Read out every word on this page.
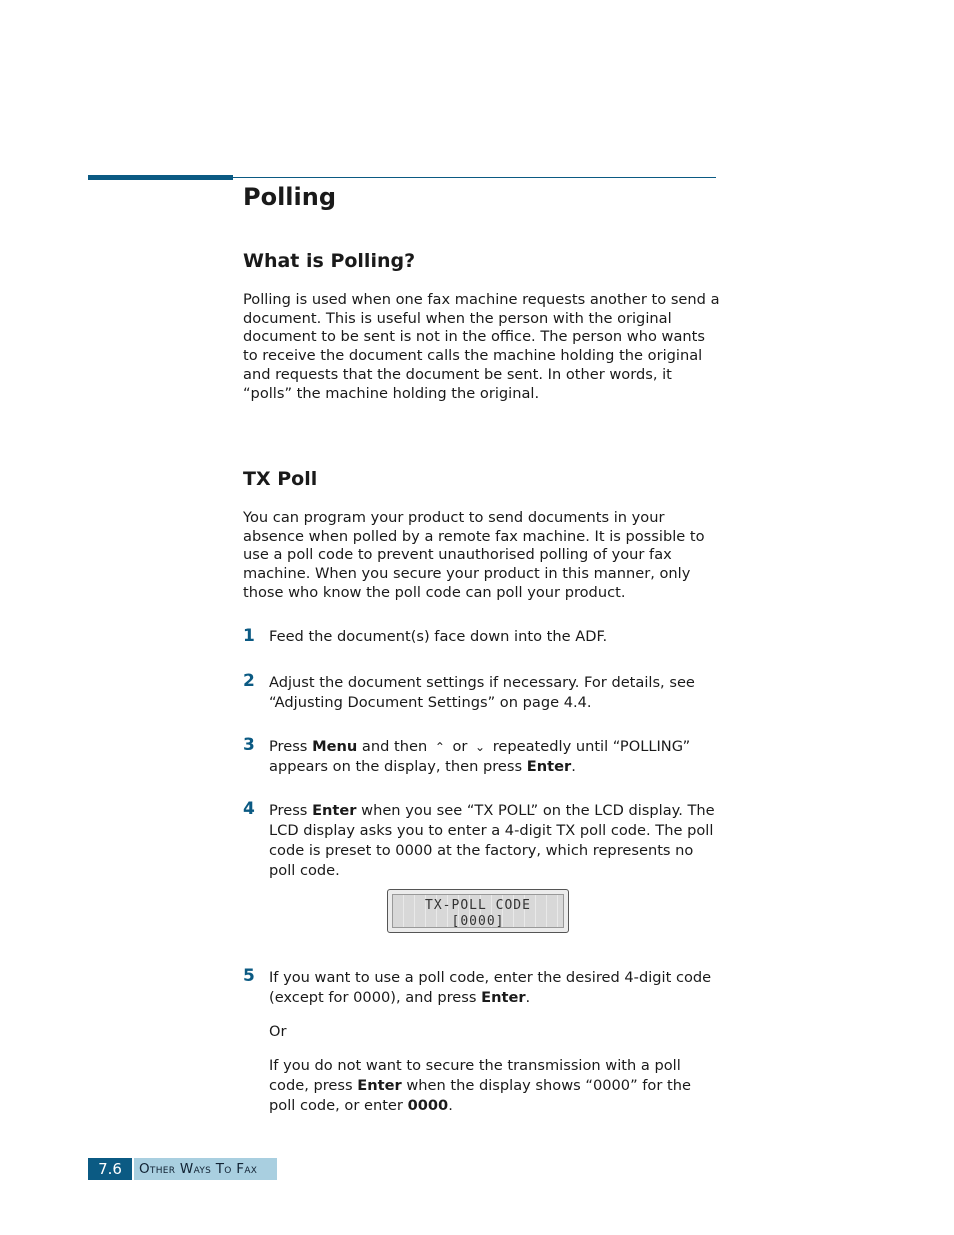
Polling
What is Polling?

Polling is used when one fax machine requests another to send a document. This is useful when the person with the original document to be sent is not in the office. The person who wants to receive the document calls the machine holding the original and requests that the document be sent. In other words, it “polls” the machine holding the original.

TX Poll

You can program your product to send documents in your absence when polled by a remote fax machine. It is possible to use a poll code to prevent unauthorised polling of your fax machine. When you secure your product in this manner, only those who know the poll code can poll your product.

1 Feed the document(s) face down into the ADF.
2 Adjust the document settings if necessary. For details, see “Adjusting Document Settings” on page 4.4.
3 Press Menu and then ⌃ or ⌄ repeatedly until “POLLING” appears on the display, then press Enter.
4 Press Enter when you see “TX POLL” on the LCD display. The LCD display asks you to enter a 4-digit TX poll code. The poll code is preset to 0000 at the factory, which represents no poll code.
TX-POLL CODE
[0000]
5 If you want to use a poll code, enter the desired 4-digit code (except for 0000), and press Enter.
Or
If you do not want to secure the transmission with a poll code, press Enter when the display shows “0000” for the poll code, or enter 0000.
7.6	Other Ways To Fax
